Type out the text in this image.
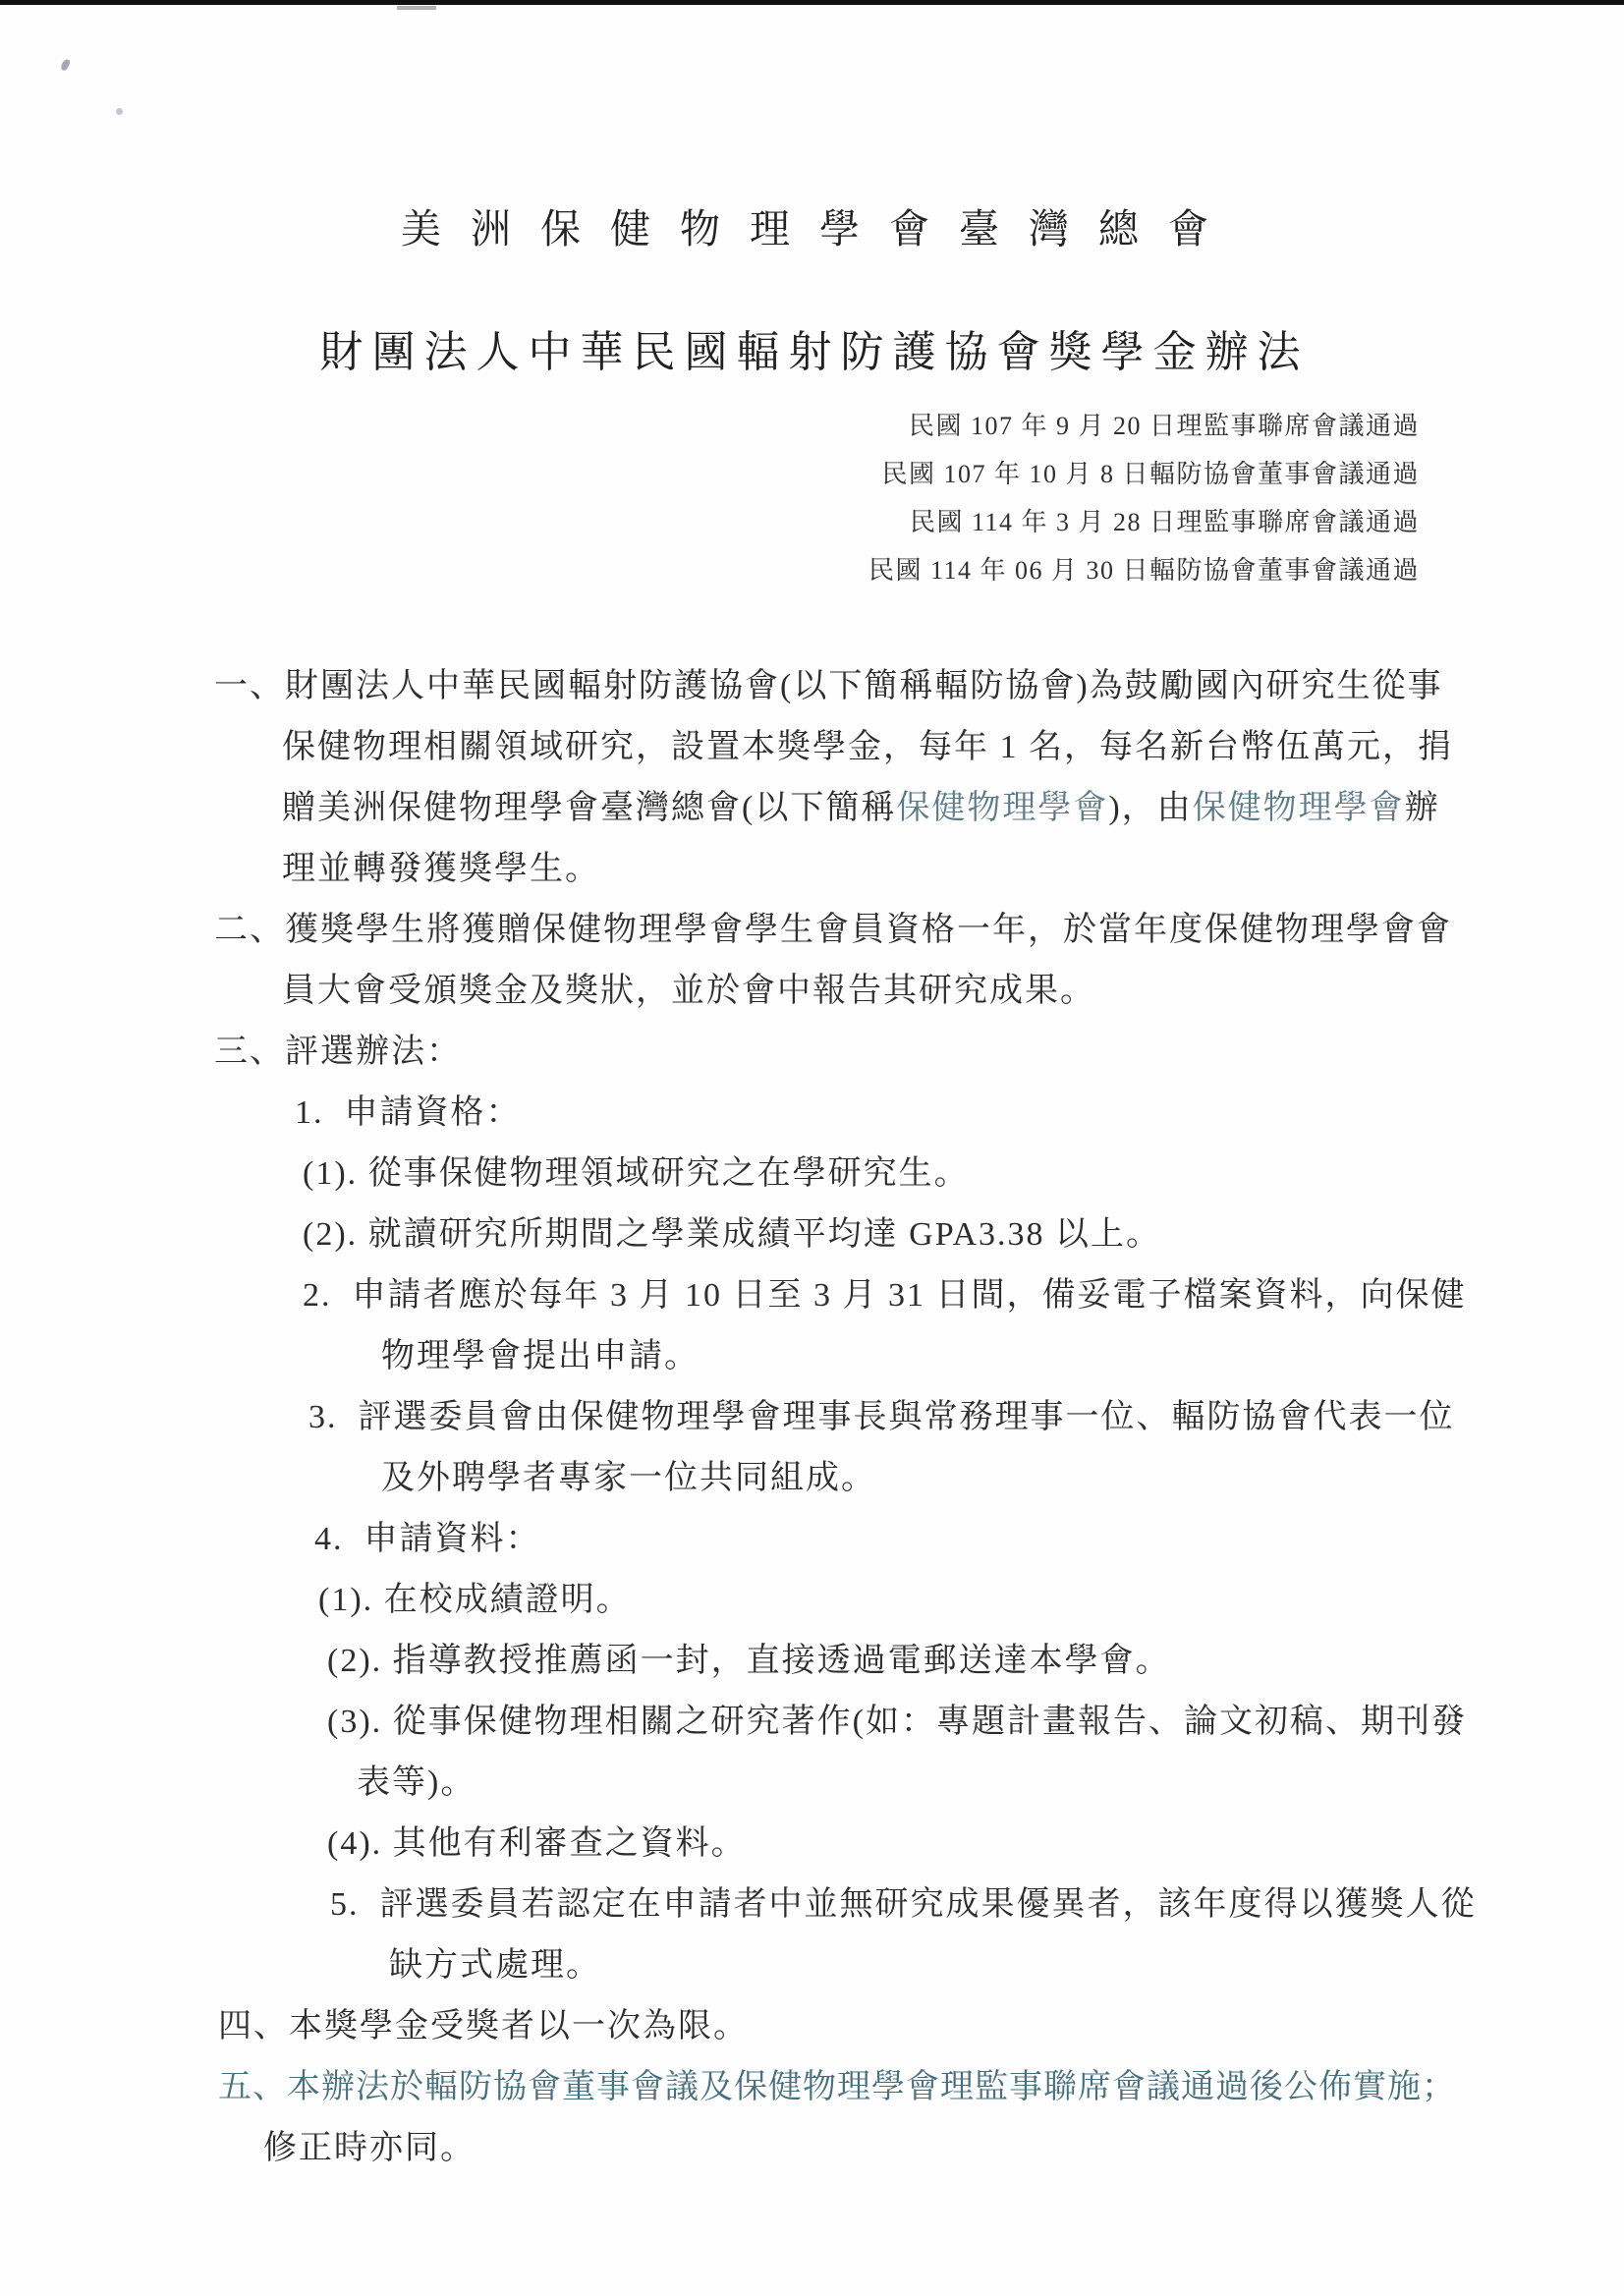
美洲保健物理學會臺灣總會
財團法人中華民國輻射防護協會獎學金辦法
民國 107 年 9 月 20 日理監事聯席會議通過
民國 107 年 10 月 8 日輻防協會董事會議通過
民國 114 年 3 月 28 日理監事聯席會議通過
民國 114 年 06 月 30 日輻防協會董事會議通過
一、財團法人中華民國輻射防護協會(以下簡稱輻防協會)為鼓勵國內研究生從事
保健物理相關領域研究，設置本獎學金，每年 1 名，每名新台幣伍萬元，捐
贈美洲保健物理學會臺灣總會(以下簡稱保健物理學會)，由保健物理學會辦
理並轉發獲獎學生。
二、獲獎學生將獲贈保健物理學會學生會員資格一年，於當年度保健物理學會會
員大會受頒獎金及獎狀，並於會中報告其研究成果。
三、評選辦法：
1.  申請資格：
(1). 從事保健物理領域研究之在學研究生。
(2). 就讀研究所期間之學業成績平均達 GPA3.38 以上。
2.  申請者應於每年 3 月 10 日至 3 月 31 日間，備妥電子檔案資料，向保健
物理學會提出申請。
3.  評選委員會由保健物理學會理事長與常務理事一位、輻防協會代表一位
及外聘學者專家一位共同組成。
4.  申請資料：
(1). 在校成績證明。
(2). 指導教授推薦函一封，直接透過電郵送達本學會。
(3). 從事保健物理相關之研究著作(如：專題計畫報告、論文初稿、期刊發
表等)。
(4). 其他有利審查之資料。
5.  評選委員若認定在申請者中並無研究成果優異者，該年度得以獲獎人從
缺方式處理。
四、本獎學金受獎者以一次為限。
五、本辦法於輻防協會董事會議及保健物理學會理監事聯席會議通過後公佈實施；
修正時亦同。
